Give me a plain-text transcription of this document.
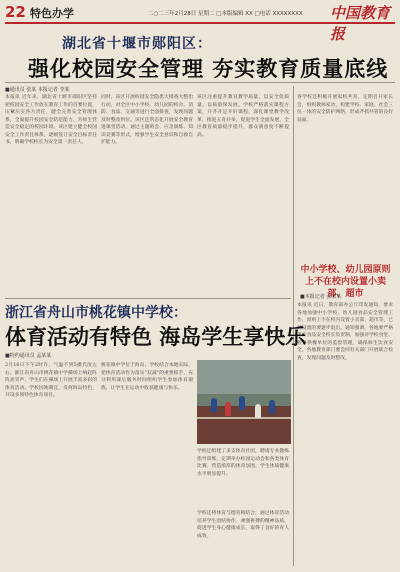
22 特色办学	二○二三年2月28日 星期二 □本版编辑 XX □电话 XXXXXXXX 中国教育报
湖北省十堰市郧阳区：
强化校园安全管理 夯实教育质量底线
■通讯员 张某 本报记者 李某
本报讯 近年来，湖北省十堰市郧阳区坚持把校园安全工作放在教育工作的首要位置，压紧压实各方责任，健全完善安全管理体系，全面提升校园安全防范能力，为师生营造安全稳定的校园环境。该区建立健全校园安全工作责任体系，逐级签订安全目标责任书，明确学校校长为安全第一责任人。
同时，该区开展校园安全隐患大排查大整治行动，对全区中小学校、幼儿园的校舍、消防、食品、交通等进行全面排查，发现问题及时整改到位。该区还常态化开展安全教育进课堂活动，通过主题班会、应急演练、知识竞赛等形式，增强学生安全意识和自救自护能力。
该区注重提升教育教学质量，以安全促质量，以质量保发展。学校严格落实课程方案，开齐开足开好课程，深化课堂教学改革，推进五育并举，促进学生全面发展，全区教育质量稳步提升，群众满意度不断提高。
各学校还积极开展家校共育，定期召开家长会，组织教师家访，构建学校、家庭、社会三位一体的安全防护网络，形成齐抓共管的良好局面。
中小学校、幼儿园原则上不在校内设置小卖部、超市
■本报记者 张某某
本报讯 近日，教育部办公厅印发通知，要求各地加强中小学校、幼儿园食品安全管理工作，原则上不在校内设置小卖部、超市等，已经设置的要逐步退出。通知强调，各地要严格落实食品安全校长负责制，加强对学校食堂、校外供餐单位的监督管理，确保师生饮食安全。各地教育部门要会同有关部门开展联合检查，发现问题及时整改。
浙江省舟山市桃花镇中学校：
体育活动有特色 海岛学生享快乐
■特约通讯员 孟某某
2月16日下午2时许，气温不到5摄氏度左右，浙江省舟山市桃花镇中学操场上响起阵阵欢笑声，学生们在操场上开展丰富多彩的体育活动。学校因地制宜，发挥海岛特色，开设多项特色体育项目。
桃花镇中学位于海岛，学校结合本地实际，把体育活动作为落实“双减”的重要抓手，充分利用课后服务时间组织学生参加体育锻炼，让学生在运动中收获健康与快乐。
学校还组建了多支体育社团，聘请专业教练指导训练，定期举办校园运动会和各类体育比赛，营造浓厚的体育氛围，学生体质健康水平明显提升。
学校还将体育与德育相结合，通过体育活动培养学生团结协作、顽强拼搏的精神品质，促进学生身心健康成长，取得了良好的育人成效。
